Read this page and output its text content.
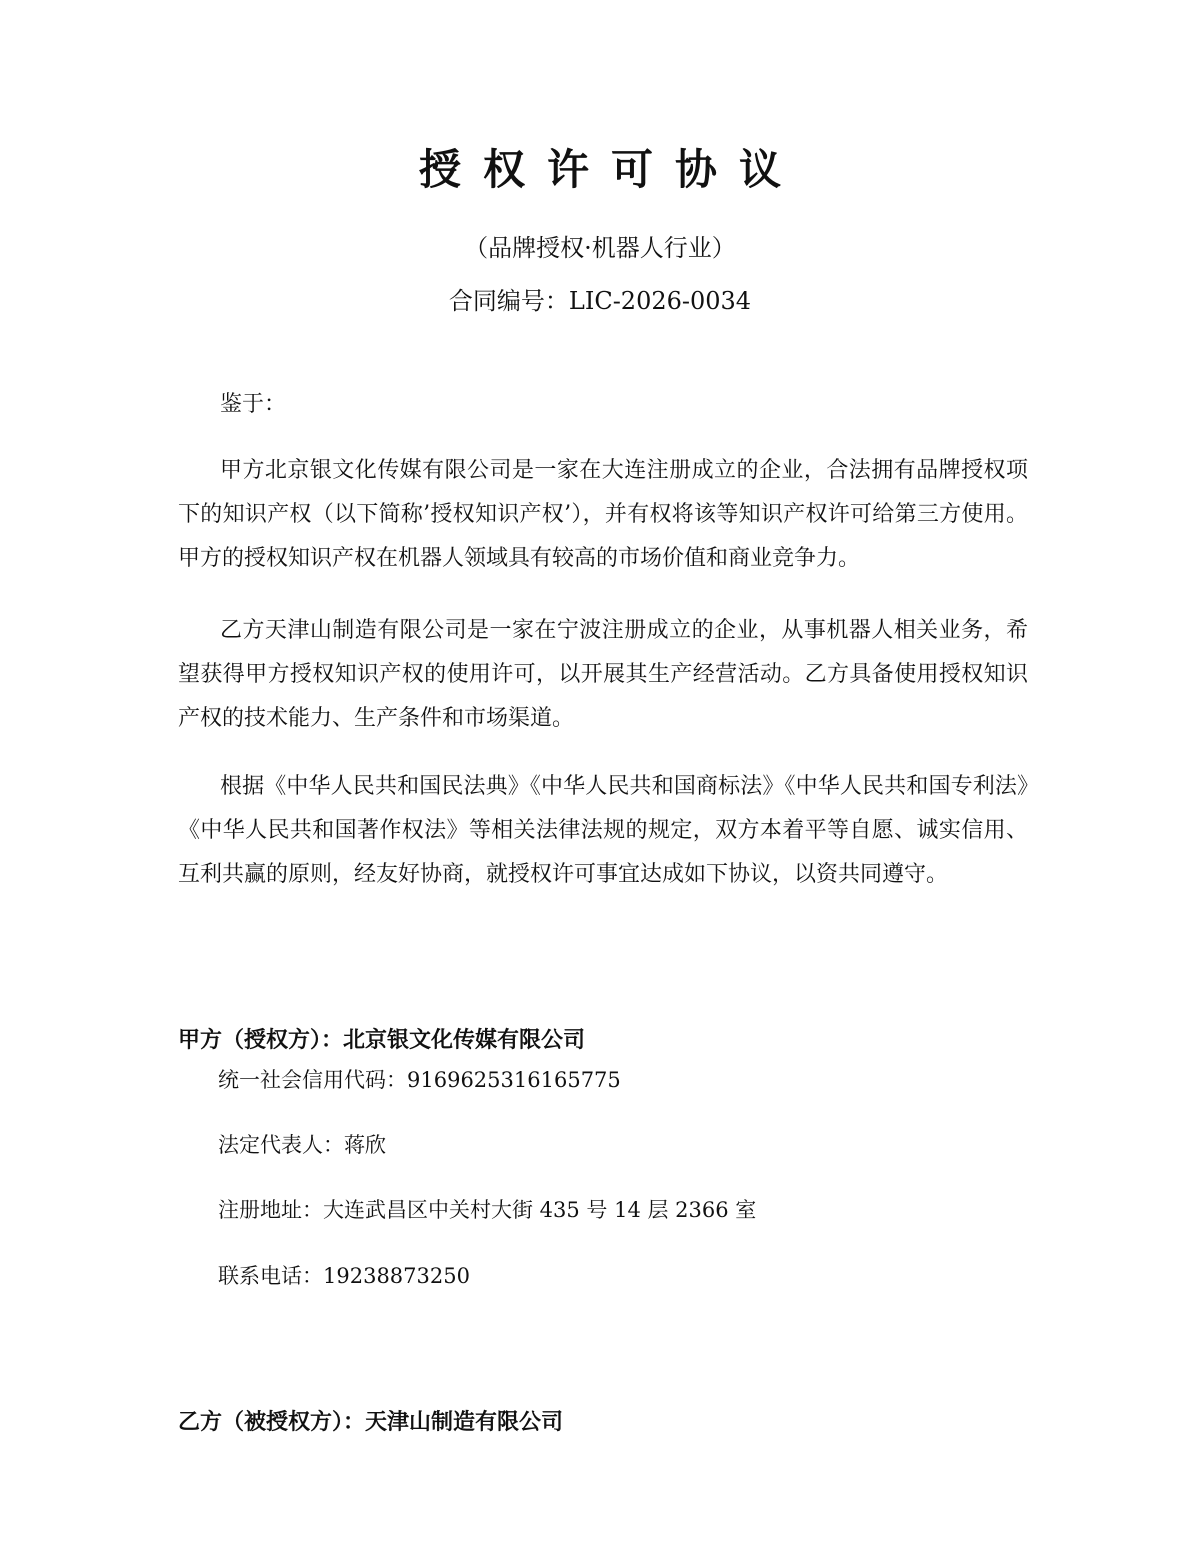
授权许可协议
（品牌授权·机器人行业）
合同编号：LIC-2026-0034
鉴于：

甲方北京银文化传媒有限公司是一家在大连注册成立的企业，合法拥有品牌授权项下的知识产权（以下简称’授权知识产权’），并有权将该等知识产权许可给第三方使用。甲方的授权知识产权在机器人领域具有较高的市场价值和商业竞争力。

乙方天津山制造有限公司是一家在宁波注册成立的企业，从事机器人相关业务，希望获得甲方授权知识产权的使用许可，以开展其生产经营活动。乙方具备使用授权知识产权的技术能力、生产条件和市场渠道。

根据《中华人民共和国民法典》《中华人民共和国商标法》《中华人民共和国专利法》《中华人民共和国著作权法》等相关法律法规的规定，双方本着平等自愿、诚实信用、互利共赢的原则，经友好协商，就授权许可事宜达成如下协议，以资共同遵守。

甲方（授权方）：北京银文化传媒有限公司
统一社会信用代码：9169625316165775
法定代表人：蒋欣
注册地址：大连武昌区中关村大街 435 号 14 层 2366 室
联系电话：19238873250
乙方（被授权方）：天津山制造有限公司
